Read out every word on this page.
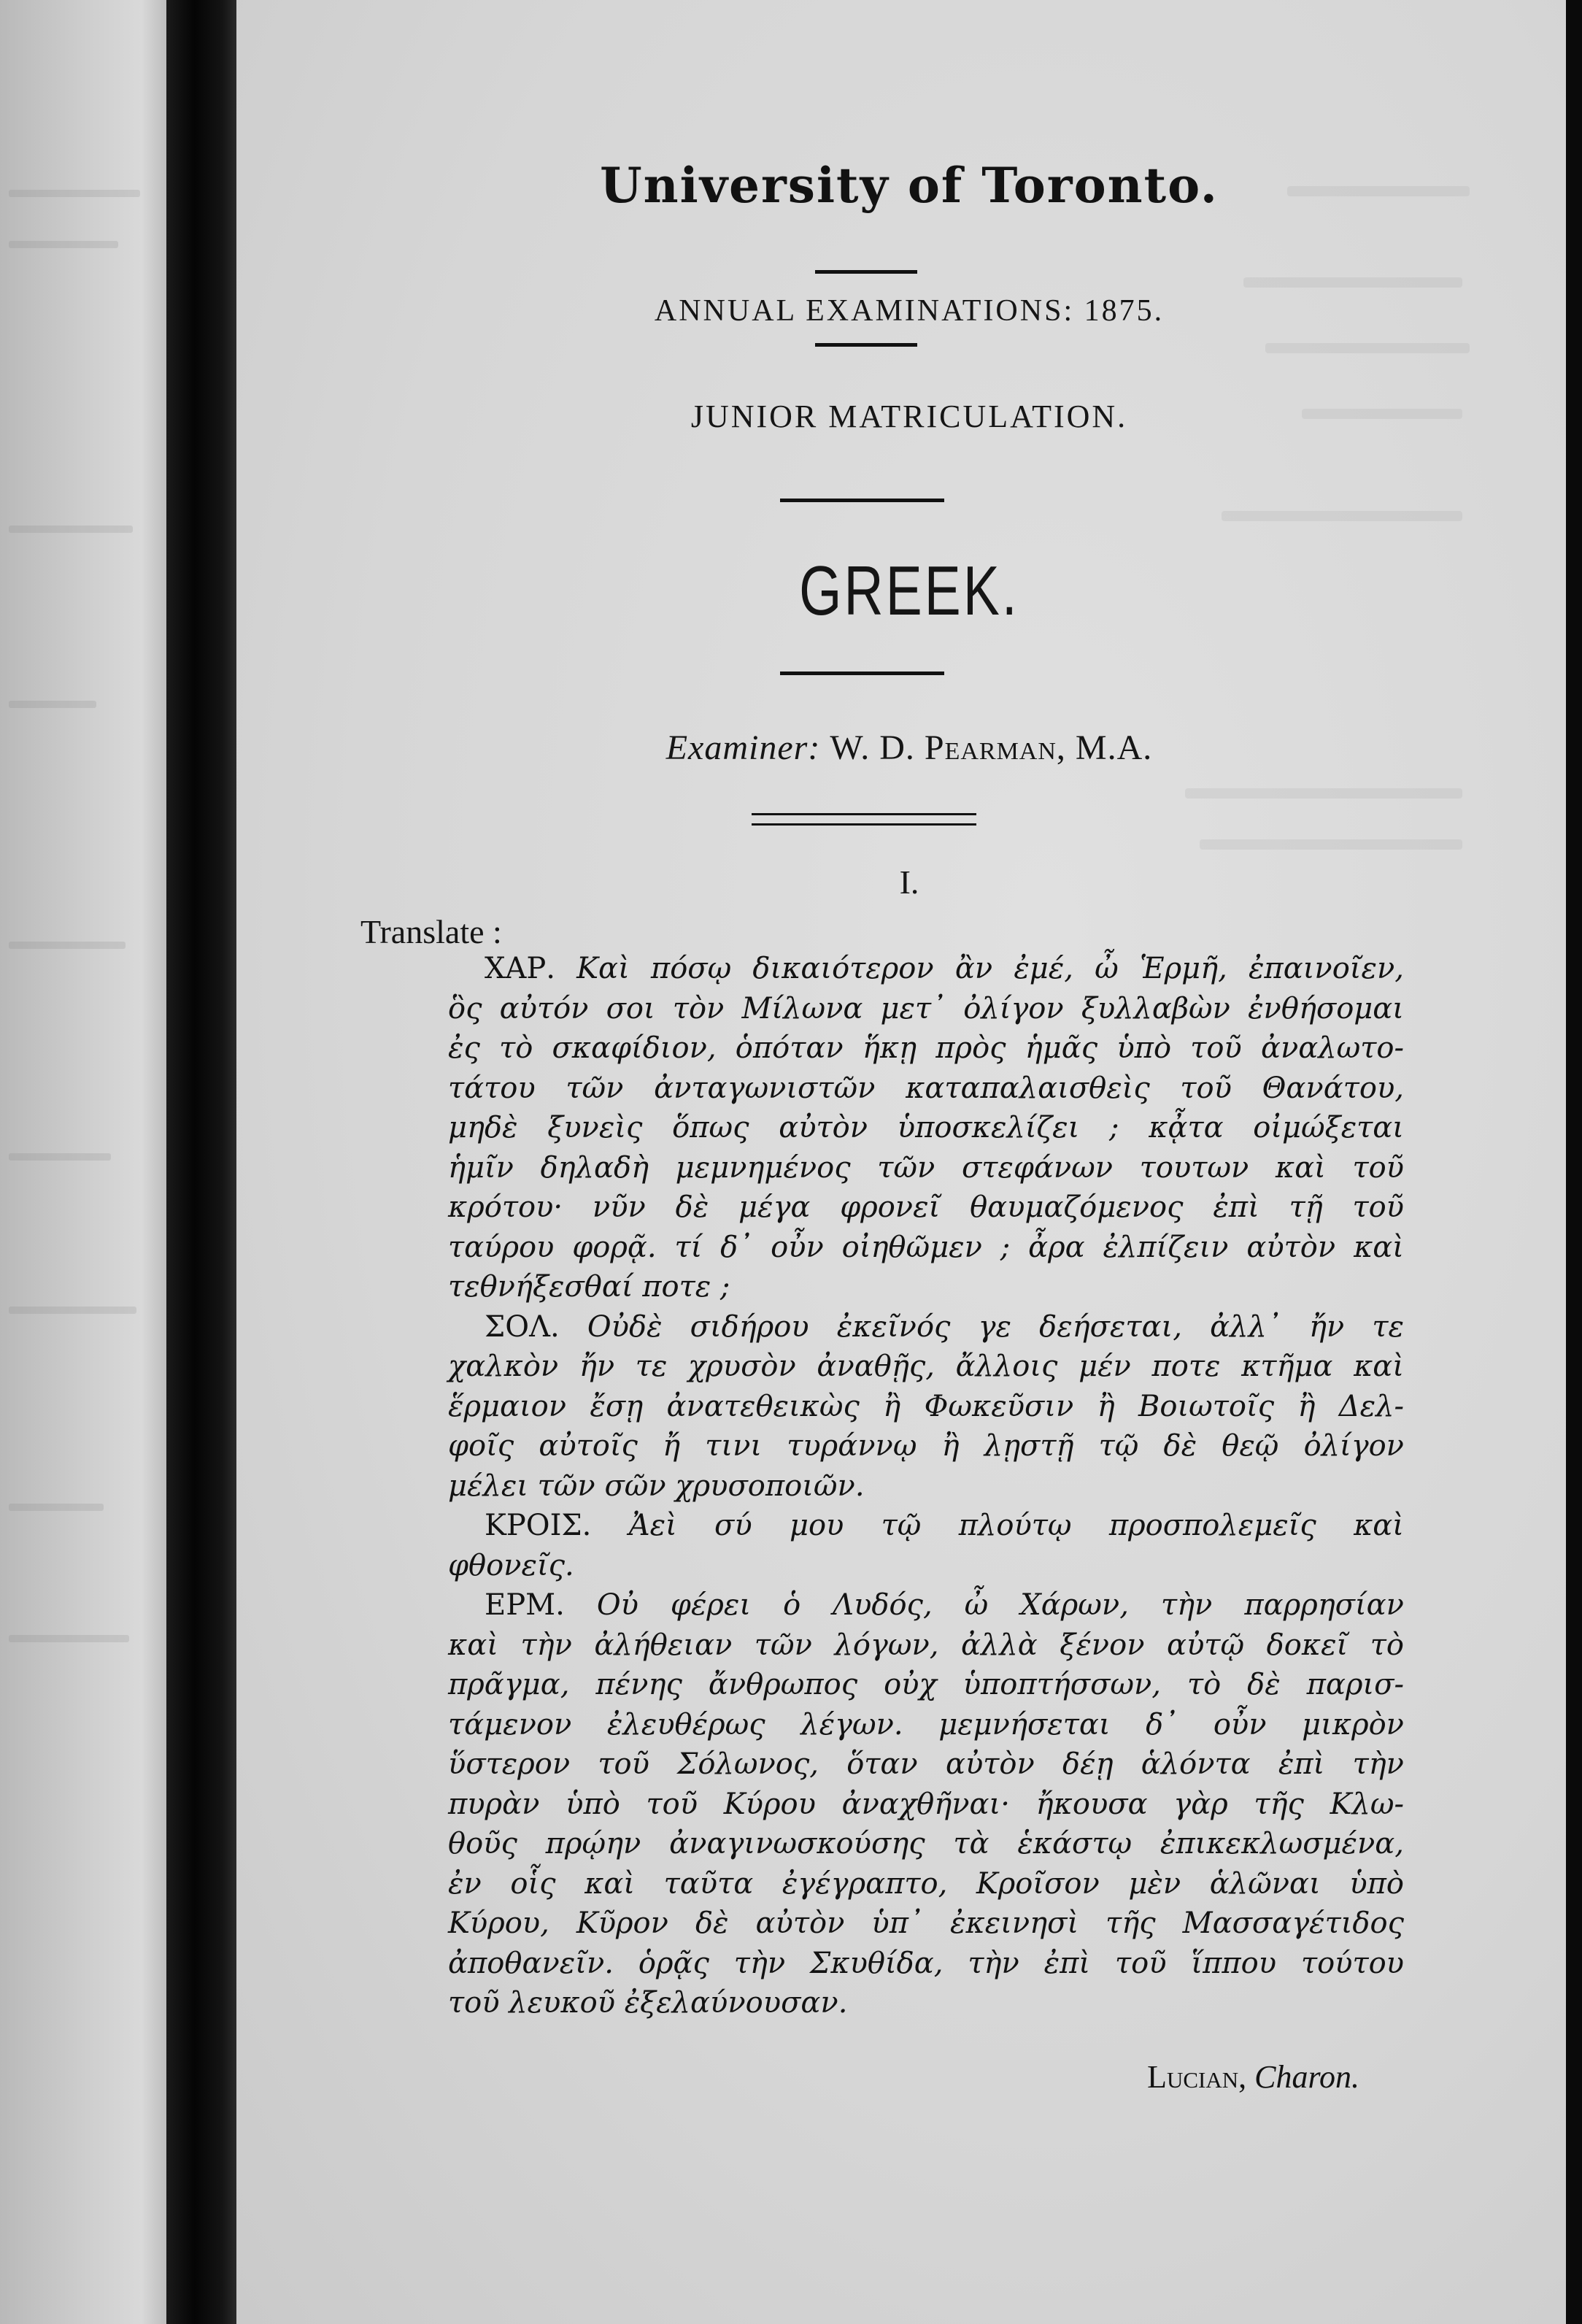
University of Toronto.
ANNUAL EXAMINATIONS: 1875.
JUNIOR MATRICULATION.
GREEK.
Examiner: W. D. Pearman, M.A.
I.
Translate :
ΧΑΡ. Καὶ πόσῳ δικαιότερον ἂν ἐμέ, ὦ Ἑρμῆ, ἐπαινοῖεν,
ὃς αὐτόν σοι τὸν Μίλωνα μετ᾽ ὀλίγον ξυλλαβὼν ἐνθήσομαι
ἐς τὸ σκαφίδιον, ὁπόταν ἥκῃ πρὸς ἡμᾶς ὑπὸ τοῦ ἀναλωτο-
τάτου τῶν ἀνταγωνιστῶν καταπαλαισθεὶς τοῦ Θανάτου,
μηδὲ ξυνεὶς ὅπως αὐτὸν ὑποσκελίζει ; κᾆτα οἰμώξεται
ἡμῖν δηλαδὴ μεμνημένος τῶν στεφάνων τουτων καὶ τοῦ
κρότου· νῦν δὲ μέγα φρονεῖ θαυμαζόμενος ἐπὶ τῇ τοῦ
ταύρου φορᾷ. τί δ᾽ οὖν οἰηθῶμεν ; ἆρα ἐλπίζειν αὐτὸν καὶ
τεθνήξεσθαί ποτε ;
ΣΟΛ. Οὐδὲ σιδήρου ἐκεῖνός γε δεήσεται, ἀλλ᾽ ἤν τε
χαλκὸν ἤν τε χρυσὸν ἀναθῇς, ἄλλοις μέν ποτε κτῆμα καὶ
ἕρμαιον ἔσῃ ἀνατεθεικὼς ἢ Φωκεῦσιν ἢ Βοιωτοῖς ἢ Δελ-
φοῖς αὐτοῖς ἤ τινι τυράννῳ ἢ λῃστῇ τῷ δὲ θεῷ ὀλίγον
μέλει τῶν σῶν χρυσοποιῶν.
ΚΡΟΙΣ. Ἀεὶ σύ μου τῷ πλούτῳ προσπολεμεῖς καὶ
φθονεῖς.
ΕΡΜ. Οὐ φέρει ὁ Λυδός, ὦ Χάρων, τὴν παρρησίαν
καὶ τὴν ἀλήθειαν τῶν λόγων, ἀλλὰ ξένον αὐτῷ δοκεῖ τὸ
πρᾶγμα, πένης ἄνθρωπος οὐχ ὑποπτήσσων, τὸ δὲ παρισ-
τάμενον ἐλευθέρως λέγων. μεμνήσεται δ᾽ οὖν μικρὸν
ὕστερον τοῦ Σόλωνος, ὅταν αὐτὸν δέῃ ἁλόντα ἐπὶ τὴν
πυρὰν ὑπὸ τοῦ Κύρου ἀναχθῆναι· ἤκουσα γὰρ τῆς Κλω-
θοῦς πρῴην ἀναγινωσκούσης τὰ ἑκάστῳ ἐπικεκλωσμένα,
ἐν οἷς καὶ ταῦτα ἐγέγραπτο, Κροῖσον μὲν ἁλῶναι ὑπὸ
Κύρου, Κῦρον δὲ αὐτὸν ὑπ᾽ ἐκεινησὶ τῆς Μασσαγέτιδος
ἀποθανεῖν. ὁρᾷς τὴν Σκυθίδα, τὴν ἐπὶ τοῦ ἵππου τούτου
τοῦ λευκοῦ ἐξελαύνουσαν.
Lucian, Charon.
